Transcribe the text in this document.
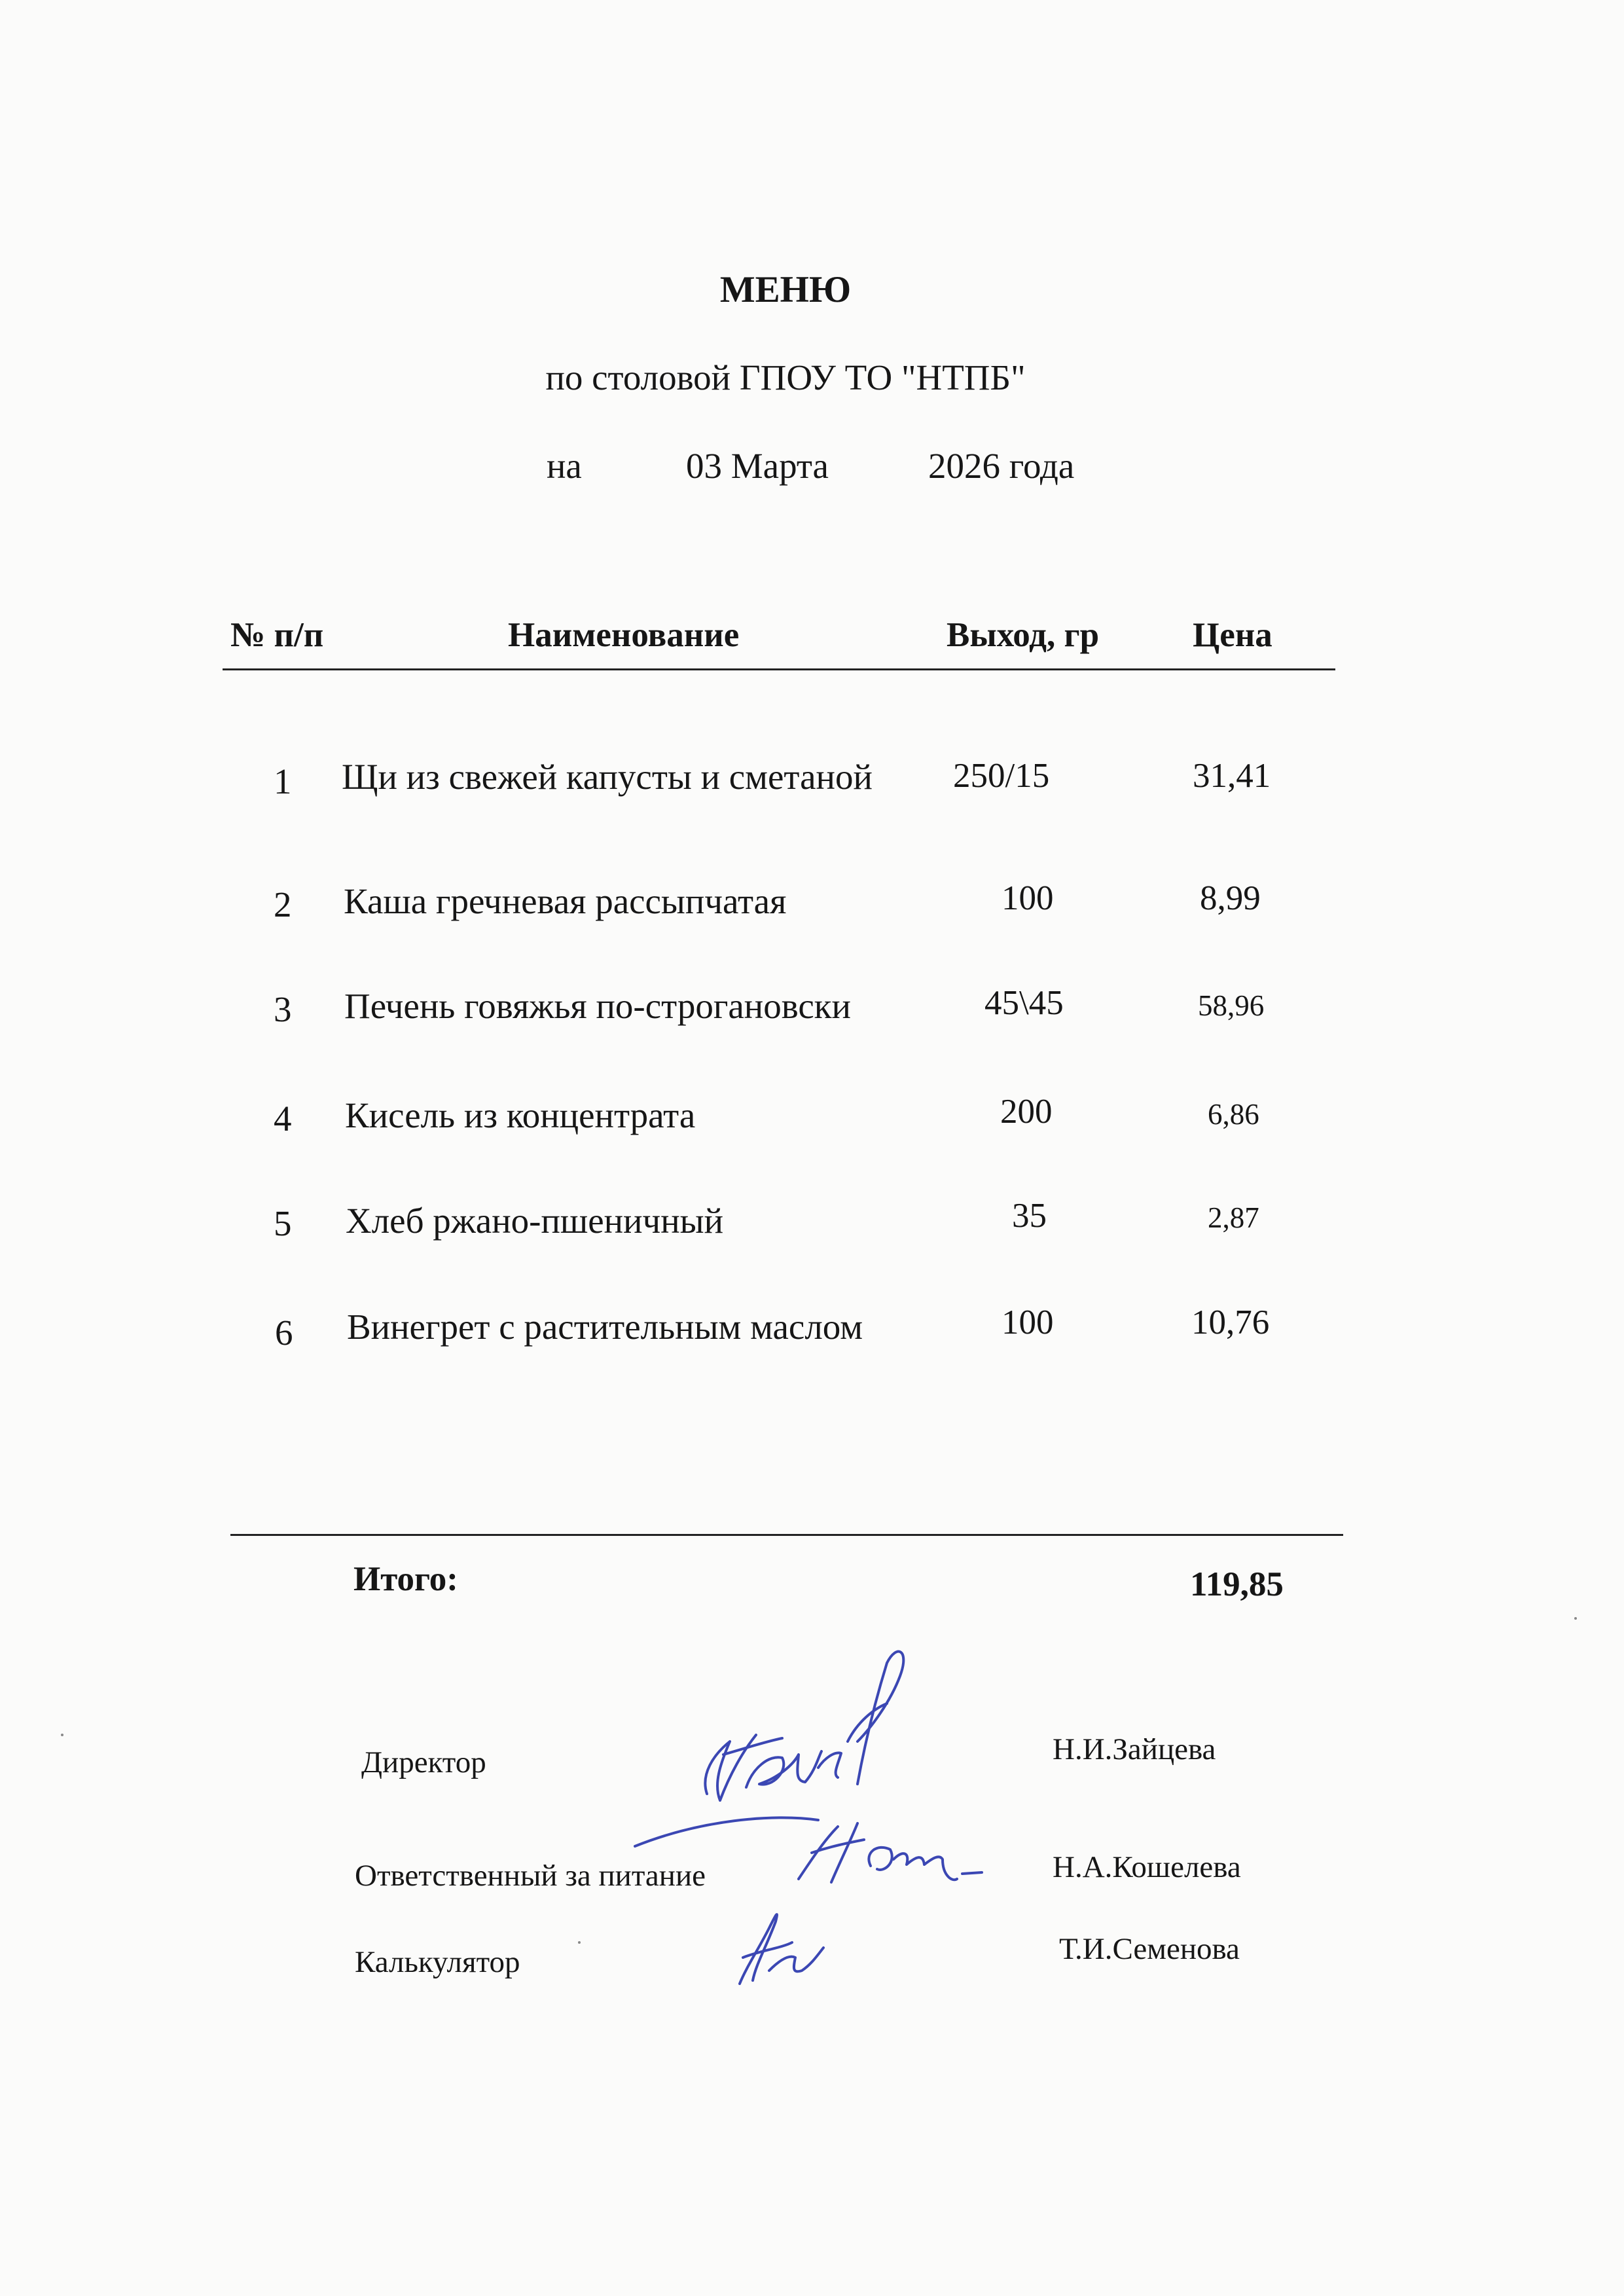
МЕНЮ
по столовой ГПОУ ТО "НТПБ"
на	03 Марта	2026 года
№ п/п	Наименование	Выход, гр	Цена
1 Щи из свежей капусты и сметаной 250/15	31,41
2 Каша гречневая рассыпчатая	100	8,99
3 Печень говяжья по-строгановски	45\45	58,96
4 Кисель из концентрата	200	6,86
5 Хлеб ржано-пшеничный	35	2,87
6 Винегрет с растительным маслом	100	10,76
Итого:	119,85
Директор	Н.И.Зайцева
Ответственный за питание	Н.А.Кошелева
Калькулятор	Т.И.Семенова
